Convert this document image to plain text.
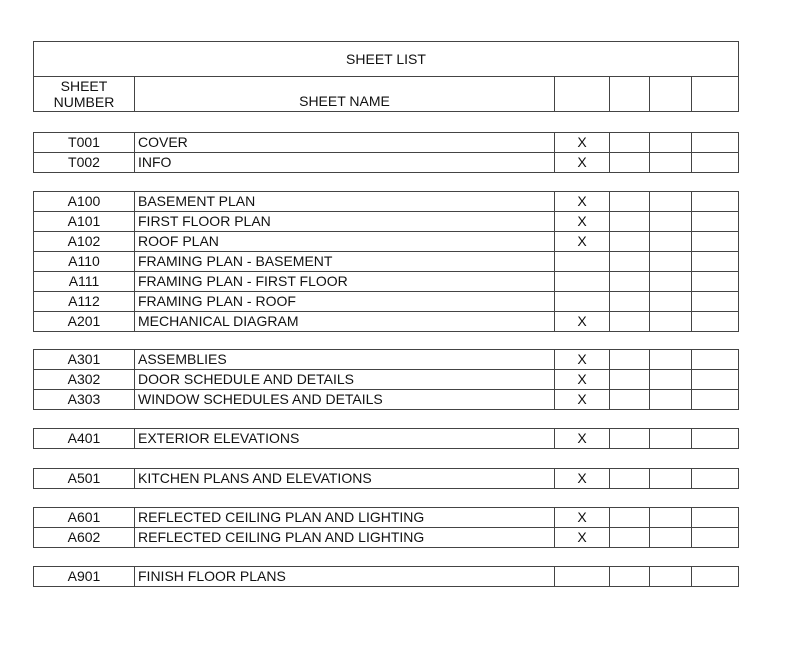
SHEET LIST
SHEET
NUMBER	SHEET NAME
T001	COVER	X
T002	INFO	X
A100	BASEMENT PLAN	X
A101	FIRST FLOOR PLAN	X
A102	ROOF PLAN	X
A110	FRAMING PLAN - BASEMENT
A111	FRAMING PLAN - FIRST FLOOR
A112	FRAMING PLAN - ROOF
A201	MECHANICAL DIAGRAM	X
A301	ASSEMBLIES	X
A302	DOOR SCHEDULE AND DETAILS	X
A303	WINDOW SCHEDULES AND DETAILS	X
A401	EXTERIOR ELEVATIONS	X
A501	KITCHEN PLANS AND ELEVATIONS	X
A601	REFLECTED CEILING PLAN AND LIGHTING	X
A602	REFLECTED CEILING PLAN AND LIGHTING	X
A901	FINISH FLOOR PLANS
